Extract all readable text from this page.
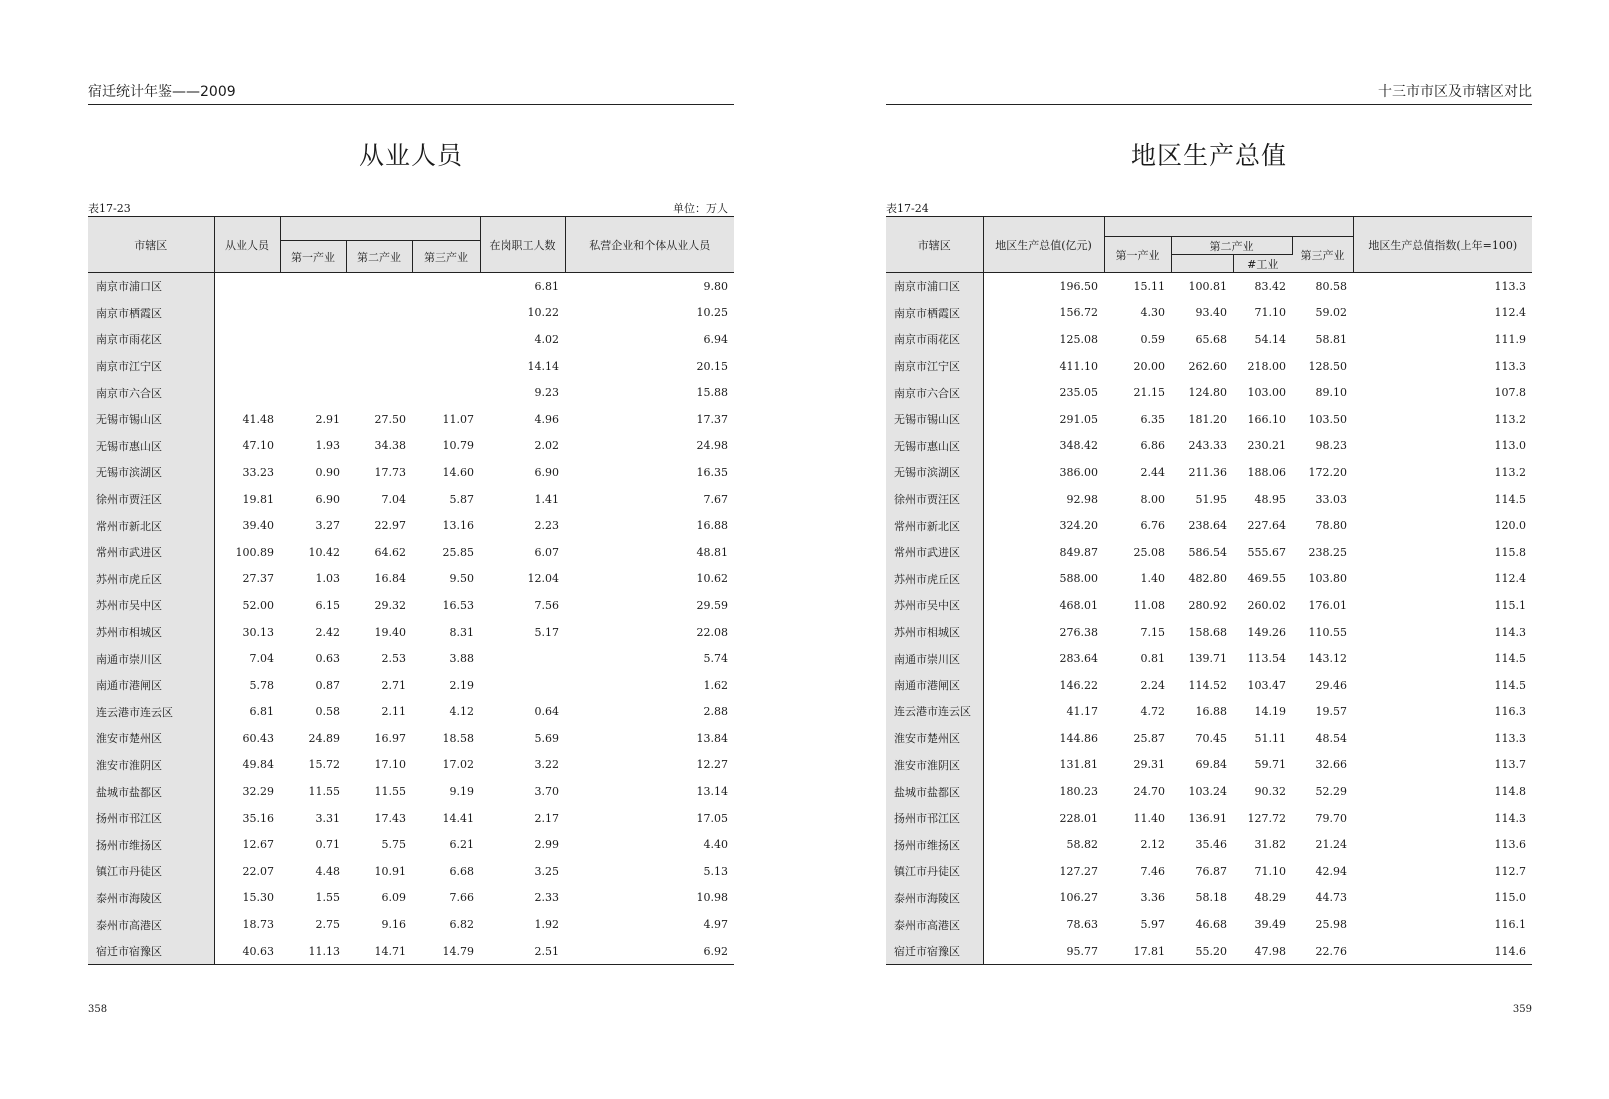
宿迁统计年鉴——2009
从业人员
表17-23	单位：万人
市辖区	从业人员				在岗职工人数	私营企业和个体从业人员
		第一产业	第二产业	第三产业		
南京市浦口区					6.81	9.80
南京市栖霞区					10.22	10.25
南京市雨花区					4.02	6.94
南京市江宁区					14.14	20.15
南京市六合区					9.23	15.88
无锡市锡山区	41.48	2.91	27.50	11.07	4.96	17.37
无锡市惠山区	47.10	1.93	34.38	10.79	2.02	24.98
无锡市滨湖区	33.23	0.90	17.73	14.60	6.90	16.35
徐州市贾汪区	19.81	6.90	7.04	5.87	1.41	7.67
常州市新北区	39.40	3.27	22.97	13.16	2.23	16.88
常州市武进区	100.89	10.42	64.62	25.85	6.07	48.81
苏州市虎丘区	27.37	1.03	16.84	9.50	12.04	10.62
苏州市吴中区	52.00	6.15	29.32	16.53	7.56	29.59
苏州市相城区	30.13	2.42	19.40	8.31	5.17	22.08
南通市崇川区	7.04	0.63	2.53	3.88		5.74
南通市港闸区	5.78	0.87	2.71	2.19		1.62
连云港市连云区	6.81	0.58	2.11	4.12	0.64	2.88
淮安市楚州区	60.43	24.89	16.97	18.58	5.69	13.84
淮安市淮阴区	49.84	15.72	17.10	17.02	3.22	12.27
盐城市盐都区	32.29	11.55	11.55	9.19	3.70	13.14
扬州市邗江区	35.16	3.31	17.43	14.41	2.17	17.05
扬州市维扬区	12.67	0.71	5.75	6.21	2.99	4.40
镇江市丹徒区	22.07	4.48	10.91	6.68	3.25	5.13
泰州市海陵区	15.30	1.55	6.09	7.66	2.33	10.98
泰州市高港区	18.73	2.75	9.16	6.82	1.92	4.97
宿迁市宿豫区	40.63	11.13	14.71	14.79	2.51	6.92
358
十三市市区及市辖区对比
地区生产总值
表17-24
市辖区	地区生产总值(亿元)					地区生产总值指数(上年=100)
		第一产业	第二产业		第三产业	
				#工业		
南京市浦口区	196.50	15.11	100.81	83.42	80.58	113.3
南京市栖霞区	156.72	4.30	93.40	71.10	59.02	112.4
南京市雨花区	125.08	0.59	65.68	54.14	58.81	111.9
南京市江宁区	411.10	20.00	262.60	218.00	128.50	113.3
南京市六合区	235.05	21.15	124.80	103.00	89.10	107.8
无锡市锡山区	291.05	6.35	181.20	166.10	103.50	113.2
无锡市惠山区	348.42	6.86	243.33	230.21	98.23	113.0
无锡市滨湖区	386.00	2.44	211.36	188.06	172.20	113.2
徐州市贾汪区	92.98	8.00	51.95	48.95	33.03	114.5
常州市新北区	324.20	6.76	238.64	227.64	78.80	120.0
常州市武进区	849.87	25.08	586.54	555.67	238.25	115.8
苏州市虎丘区	588.00	1.40	482.80	469.55	103.80	112.4
苏州市吴中区	468.01	11.08	280.92	260.02	176.01	115.1
苏州市相城区	276.38	7.15	158.68	149.26	110.55	114.3
南通市崇川区	283.64	0.81	139.71	113.54	143.12	114.5
南通市港闸区	146.22	2.24	114.52	103.47	29.46	114.5
连云港市连云区	41.17	4.72	16.88	14.19	19.57	116.3
淮安市楚州区	144.86	25.87	70.45	51.11	48.54	113.3
淮安市淮阴区	131.81	29.31	69.84	59.71	32.66	113.7
盐城市盐都区	180.23	24.70	103.24	90.32	52.29	114.8
扬州市邗江区	228.01	11.40	136.91	127.72	79.70	114.3
扬州市维扬区	58.82	2.12	35.46	31.82	21.24	113.6
镇江市丹徒区	127.27	7.46	76.87	71.10	42.94	112.7
泰州市海陵区	106.27	3.36	58.18	48.29	44.73	115.0
泰州市高港区	78.63	5.97	46.68	39.49	25.98	116.1
宿迁市宿豫区	95.77	17.81	55.20	47.98	22.76	114.6
359
